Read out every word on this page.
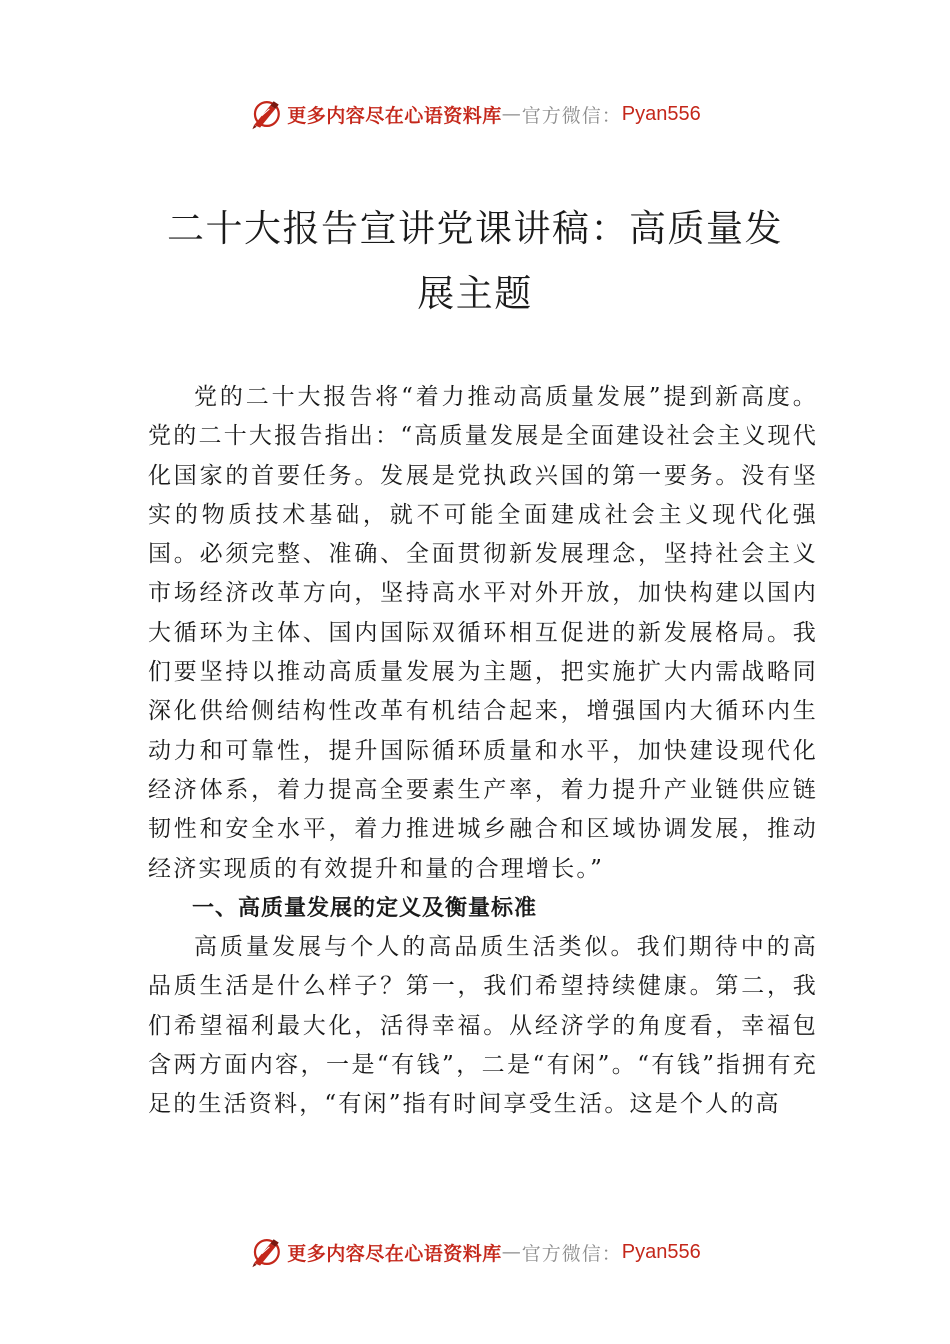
更多内容尽在心语资料库 — 官方微信： Pyan556
二十大报告宣讲党课讲稿：高质量发展主题

党的二十大报告将“着力推动高质量发展”提到新高度。党的二十大报告指出：“高质量发展是全面建设社会主义现代化国家的首要任务。发展是党执政兴国的第一要务。没有坚实的物质技术基础，就不可能全面建成社会主义现代化强国。必须完整、准确、全面贯彻新发展理念，坚持社会主义市场经济改革方向，坚持高水平对外开放，加快构建以国内大循环为主体、国内国际双循环相互促进的新发展格局。我们要坚持以推动高质量发展为主题，把实施扩大内需战略同深化供给侧结构性改革有机结合起来，增强国内大循环内生动力和可靠性，提升国际循环质量和水平，加快建设现代化经济体系，着力提高全要素生产率，着力提升产业链供应链韧性和安全水平，着力推进城乡融合和区域协调发展，推动经济实现质的有效提升和量的合理增长。”

一、高质量发展的定义及衡量标准

高质量发展与个人的高品质生活类似。我们期待中的高品质生活是什么样子？第一，我们希望持续健康。第二，我们希望福利最大化，活得幸福。从经济学的角度看，幸福包含两方面内容，一是“有钱”，二是“有闲”。“有钱”指拥有充足的生活资料，“有闲”指有时间享受生活。这是个人的高

更多内容尽在心语资料库 — 官方微信： Pyan556
